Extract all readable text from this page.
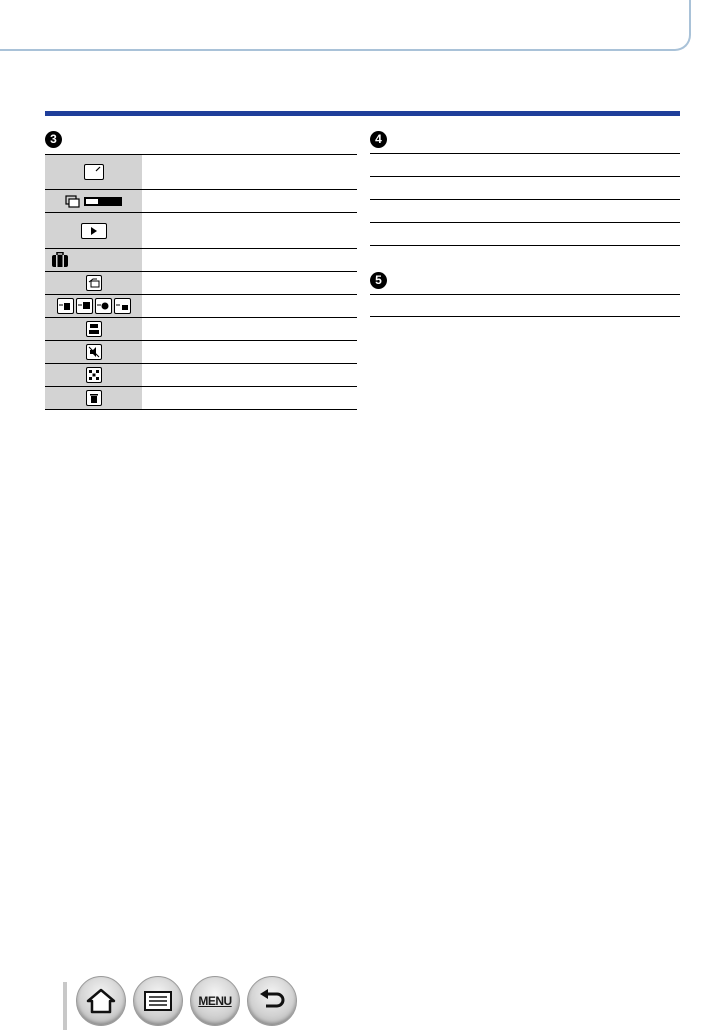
3	4
5
MENU
